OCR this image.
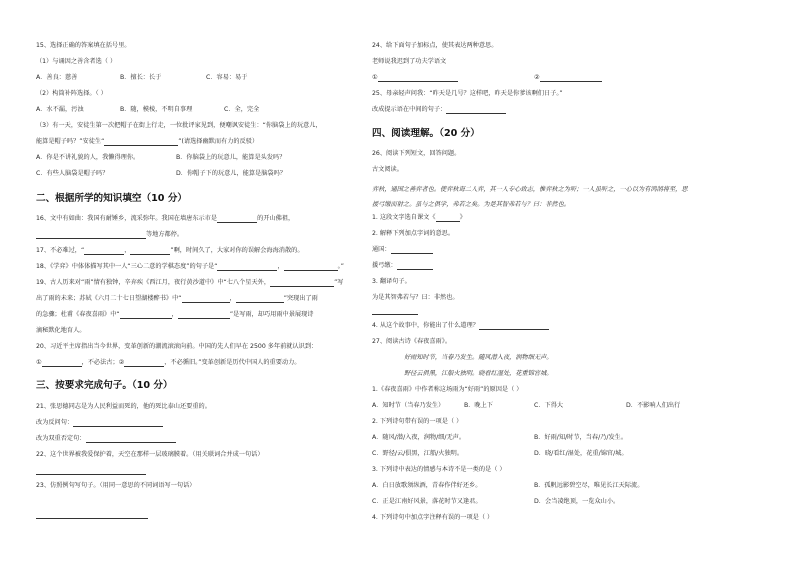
15、选择正确的答案填在括号里。
（1）与诵因之善含者选（ ）
A．善良：慈善	B．擅长：长于	C．容易：易于
（2）构筒补阵选择。（ ）
A．水不漏，污浊	B．随，模棱，不明自事理	C．全，完全
（3）有一天，安徒生第一次把帽子在街上行走，一位批评家见到，便嘲讽安徒生：“你脑袋上的玩意儿，
能算是帽子吗？”安徒生“	”(请选择幽默而有力的反驳）
A．你是不讲礼貌的人，我懒得理你。	B．你脑袋上的玩意儿，能算是头发吗？
C．有些人脑袋是帽子吗？	D．你帽子下的玩意儿，能算是脑袋吗？
二、根据所学的知识填空（10 分）
16、文中有如曲：我国有耐锤乡，流采弥年。我国在墙唐东示市是	的开山佛祖，
等地方都停。
17、不必难过，“	，	”啊，时间久了，大家对你的误解会海海消散的。
18、《学弈》中体体描写其中一人“三心二意的学棋态度”的句子是“	，	。”
19、古人历来对“雨”情有独钟，辛弃疾《西江月，夜行黄沙道中》中“七八个星天外，	”写
出了雨的未来；苏轼《六月二十七日望湖楼醉书》中“	，	”突现出了雨
的急骤；杜甫《春夜喜雨》中“	，	”是写雨，却巧用雨中景展现诗
滴秘默化地育人。
20、习近平主席指出当今世界，变革创新的潮流滚滚向前。中国的先人们早在 2500 多年前就认识到：
①	，不必法古；②	，不必循旧。”变革创新是历代中国人的重要动力。
三、按要求完成句子。（10 分）
21、张思德同志是为人民利益而死的，他的死比泰山还要重的。
改为反问句：
改为双重否定句：
22、这个世界被我爱保护着，天空在那样一层玻璃膜着。（用关联词合并成一句话）
23、仿照例句写句子。（用同一意思的不同词语写一句话）
24、给下面句子加标点，使其表达两种意思。
老师说我迟到了功夫学语文
①	②
25、母亲轻声问我：“昨天是几号？这样吧，昨天是你爹该啊们日子。”
改成提示语在中间的句子：
四、阅读理解。（20 分）
26、阅读下列短文，回答问题。
古文阅读。
弈秋，通国之善弈者也。使弈秋诲二人弈，其一人专心致志，惟弈秋之为听；一人虽听之，一心以为有鸿鹄将至，思援弓缴而射之。虽与之俱学，弗若之矣。为是其智弗若与？曰：非然也。
1. 这段文字选自课文《	》
2. 解释下列加点字词的意思。
通国：
援弓缴：
3. 翻译句子。
为是其智弗若与？曰：非然也。
4. 从这个故事中，你能出了什么道理？
27、阅读古诗《春夜喜雨》。
好雨知时节，当春乃发生。随风潜入夜，润物细无声。
野径云俱黑，江船火独明。晓看红湿处，花重锦官城。
1.《春夜喜雨》中作者称这场雨为“好雨”的原因是（ ）
A．知时节（当春乃发生）	B．晚上下	C．下得大	D．不影响人们出行
2. 下列诗句带有误的一项是（ ）
A．随风/潜/入夜，润物/细/无声。	B．好雨/知/时节，当春/乃/发生。
C．野径/云/俱黑，江船/火独明。	D．晓/看红/湿处，花重/锦官/城。
3. 下列诗中表达的情感与本诗不是一类的是（ ）
A．白日放歌须纵酒，青春作伴好还乡。	B．孤帆远影碧空尽，唯见长江天际流。
C．正是江南好风景，落花时节又逢君。	D．会当凌绝顶，一览众山小。
4. 下列诗句中加点字注释有误的一项是（ ）
